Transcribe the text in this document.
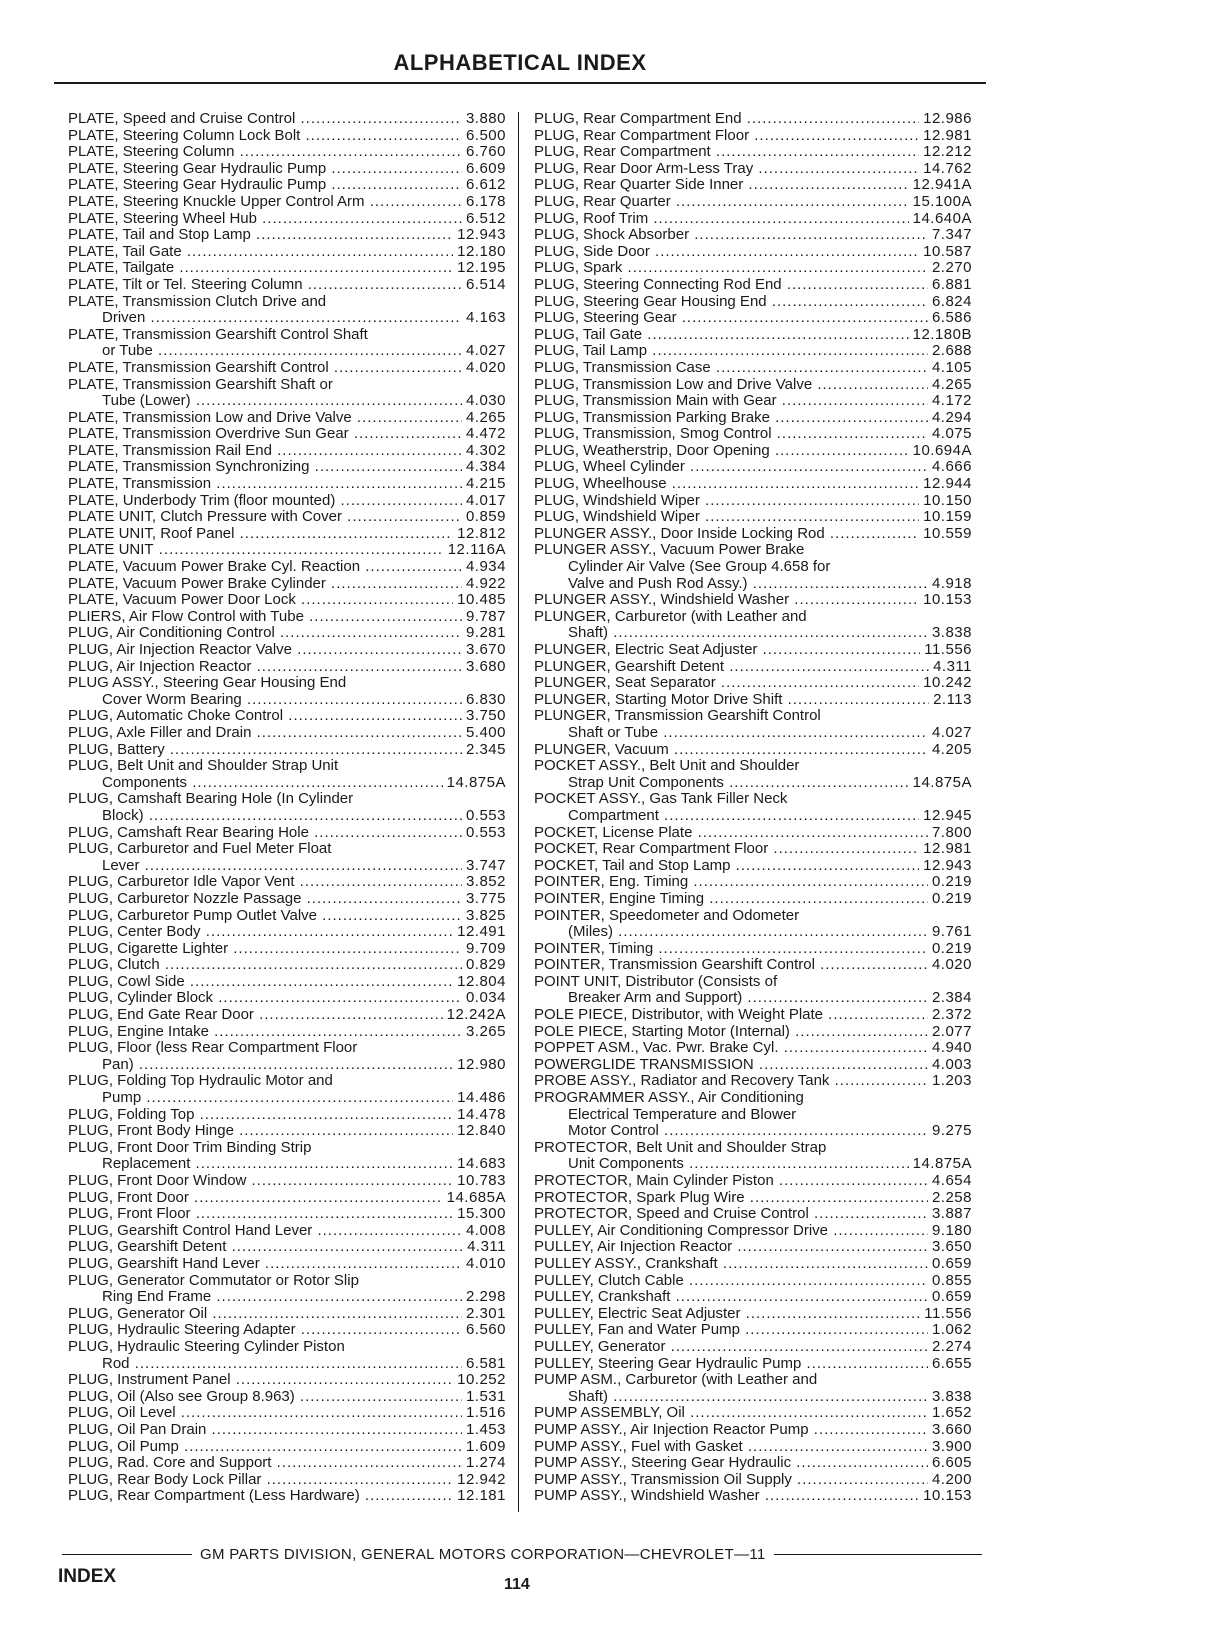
ALPHABETICAL INDEX
PLATE, Speed and Cruise Control .....	3.880
PLATE, Steering Column Lock Bolt .....	6.500
PLATE, Steering Column .....	6.760
PLATE, Steering Gear Hydraulic Pump .....	6.609
PLATE, Steering Gear Hydraulic Pump .....	6.612
PLATE, Steering Knuckle Upper Control Arm .....	6.178
PLATE, Steering Wheel Hub .....	6.512
PLATE, Tail and Stop Lamp .....	12.943
PLATE, Tail Gate .....	12.180
PLATE, Tailgate .....	12.195
PLATE, Tilt or Tel. Steering Column .....	6.514
PLATE, Transmission Clutch Drive and
Driven .....	4.163
PLATE, Transmission Gearshift Control Shaft
or Tube .....	4.027
PLATE, Transmission Gearshift Control .....	4.020
PLATE, Transmission Gearshift Shaft or
Tube (Lower) .....	4.030
PLATE, Transmission Low and Drive Valve .....	4.265
PLATE, Transmission Overdrive Sun Gear .....	4.472
PLATE, Transmission Rail End .....	4.302
PLATE, Transmission Synchronizing .....	4.384
PLATE, Transmission .....	4.215
PLATE, Underbody Trim (floor mounted) .....	4.017
PLATE UNIT, Clutch Pressure with Cover .....	0.859
PLATE UNIT, Roof Panel .....	12.812
PLATE UNIT .....	12.116A
PLATE, Vacuum Power Brake Cyl. Reaction .....	4.934
PLATE, Vacuum Power Brake Cylinder .....	4.922
PLATE, Vacuum Power Door Lock .....	10.485
PLIERS, Air Flow Control with Tube .....	9.787
PLUG, Air Conditioning Control .....	9.281
PLUG, Air Injection Reactor Valve .....	3.670
PLUG, Air Injection Reactor .....	3.680
PLUG ASSY., Steering Gear Housing End
Cover Worm Bearing .....	6.830
PLUG, Automatic Choke Control .....	3.750
PLUG, Axle Filler and Drain .....	5.400
PLUG, Battery .....	2.345
PLUG, Belt Unit and Shoulder Strap Unit
Components .....	14.875A
PLUG, Camshaft Bearing Hole (In Cylinder
Block) .....	0.553
PLUG, Camshaft Rear Bearing Hole .....	0.553
PLUG, Carburetor and Fuel Meter Float
Lever .....	3.747
PLUG, Carburetor Idle Vapor Vent .....	3.852
PLUG, Carburetor Nozzle Passage .....	3.775
PLUG, Carburetor Pump Outlet Valve .....	3.825
PLUG, Center Body .....	12.491
PLUG, Cigarette Lighter .....	9.709
PLUG, Clutch .....	0.829
PLUG, Cowl Side .....	12.804
PLUG, Cylinder Block .....	0.034
PLUG, End Gate Rear Door .....	12.242A
PLUG, Engine Intake .....	3.265
PLUG, Floor (less Rear Compartment Floor
Pan) .....	12.980
PLUG, Folding Top Hydraulic Motor and
Pump .....	14.486
PLUG, Folding Top .....	14.478
PLUG, Front Body Hinge .....	12.840
PLUG, Front Door Trim Binding Strip
Replacement .....	14.683
PLUG, Front Door Window .....	10.783
PLUG, Front Door .....	14.685A
PLUG, Front Floor .....	15.300
PLUG, Gearshift Control Hand Lever .....	4.008
PLUG, Gearshift Detent .....	4.311
PLUG, Gearshift Hand Lever .....	4.010
PLUG, Generator Commutator or Rotor Slip
Ring End Frame .....	2.298
PLUG, Generator Oil .....	2.301
PLUG, Hydraulic Steering Adapter .....	6.560
PLUG, Hydraulic Steering Cylinder Piston
Rod .....	6.581
PLUG, Instrument Panel .....	10.252
PLUG, Oil (Also see Group 8.963) .....	1.531
PLUG, Oil Level .....	1.516
PLUG, Oil Pan Drain .....	1.453
PLUG, Oil Pump .....	1.609
PLUG, Rad. Core and Support .....	1.274
PLUG, Rear Body Lock Pillar .....	12.942
PLUG, Rear Compartment (Less Hardware) .....	12.181
PLUG, Rear Compartment End .....	12.986
PLUG, Rear Compartment Floor .....	12.981
PLUG, Rear Compartment .....	12.212
PLUG, Rear Door Arm-Less Tray .....	14.762
PLUG, Rear Quarter Side Inner .....	12.941A
PLUG, Rear Quarter .....	15.100A
PLUG, Roof Trim .....	14.640A
PLUG, Shock Absorber .....	7.347
PLUG, Side Door .....	10.587
PLUG, Spark .....	2.270
PLUG, Steering Connecting Rod End .....	6.881
PLUG, Steering Gear Housing End .....	6.824
PLUG, Steering Gear .....	6.586
PLUG, Tail Gate .....	12.180B
PLUG, Tail Lamp .....	2.688
PLUG, Transmission Case .....	4.105
PLUG, Transmission Low and Drive Valve .....	4.265
PLUG, Transmission Main with Gear .....	4.172
PLUG, Transmission Parking Brake .....	4.294
PLUG, Transmission, Smog Control .....	4.075
PLUG, Weatherstrip, Door Opening .....	10.694A
PLUG, Wheel Cylinder .....	4.666
PLUG, Wheelhouse .....	12.944
PLUG, Windshield Wiper .....	10.150
PLUG, Windshield Wiper .....	10.159
PLUNGER ASSY., Door Inside Locking Rod .....	10.559
PLUNGER ASSY., Vacuum Power Brake
Cylinder Air Valve (See Group 4.658 for
Valve and Push Rod Assy.) .....	4.918
PLUNGER ASSY., Windshield Washer .....	10.153
PLUNGER, Carburetor (with Leather and
Shaft) .....	3.838
PLUNGER, Electric Seat Adjuster .....	11.556
PLUNGER, Gearshift Detent .....	4.311
PLUNGER, Seat Separator .....	10.242
PLUNGER, Starting Motor Drive Shift .....	2.113
PLUNGER, Transmission Gearshift Control
Shaft or Tube .....	4.027
PLUNGER, Vacuum .....	4.205
POCKET ASSY., Belt Unit and Shoulder
Strap Unit Components .....	14.875A
POCKET ASSY., Gas Tank Filler Neck
Compartment .....	12.945
POCKET, License Plate .....	7.800
POCKET, Rear Compartment Floor .....	12.981
POCKET, Tail and Stop Lamp .....	12.943
POINTER, Eng. Timing .....	0.219
POINTER, Engine Timing .....	0.219
POINTER, Speedometer and Odometer
(Miles) .....	9.761
POINTER, Timing .....	0.219
POINTER, Transmission Gearshift Control .....	4.020
POINT UNIT, Distributor (Consists of
Breaker Arm and Support) .....	2.384
POLE PIECE, Distributor, with Weight Plate .....	2.372
POLE PIECE, Starting Motor (Internal) .....	2.077
POPPET ASM., Vac. Pwr. Brake Cyl. .....	4.940
POWERGLIDE TRANSMISSION .....	4.003
PROBE ASSY., Radiator and Recovery Tank .....	1.203
PROGRAMMER ASSY., Air Conditioning
Electrical Temperature and Blower
Motor Control .....	9.275
PROTECTOR, Belt Unit and Shoulder Strap
Unit Components .....	14.875A
PROTECTOR, Main Cylinder Piston .....	4.654
PROTECTOR, Spark Plug Wire .....	2.258
PROTECTOR, Speed and Cruise Control .....	3.887
PULLEY, Air Conditioning Compressor Drive .....	9.180
PULLEY, Air Injection Reactor .....	3.650
PULLEY ASSY., Crankshaft .....	0.659
PULLEY, Clutch Cable .....	0.855
PULLEY, Crankshaft .....	0.659
PULLEY, Electric Seat Adjuster .....	11.556
PULLEY, Fan and Water Pump .....	1.062
PULLEY, Generator .....	2.274
PULLEY, Steering Gear Hydraulic Pump .....	6.655
PUMP ASM., Carburetor (with Leather and
Shaft) .....	3.838
PUMP ASSEMBLY, Oil .....	1.652
PUMP ASSY., Air Injection Reactor Pump .....	3.660
PUMP ASSY., Fuel with Gasket .....	3.900
PUMP ASSY., Steering Gear Hydraulic .....	6.605
PUMP ASSY., Transmission Oil Supply .....	4.200
PUMP ASSY., Windshield Washer .....	10.153
GM PARTS DIVISION, GENERAL MOTORS CORPORATION—CHEVROLET—11
INDEX	114
